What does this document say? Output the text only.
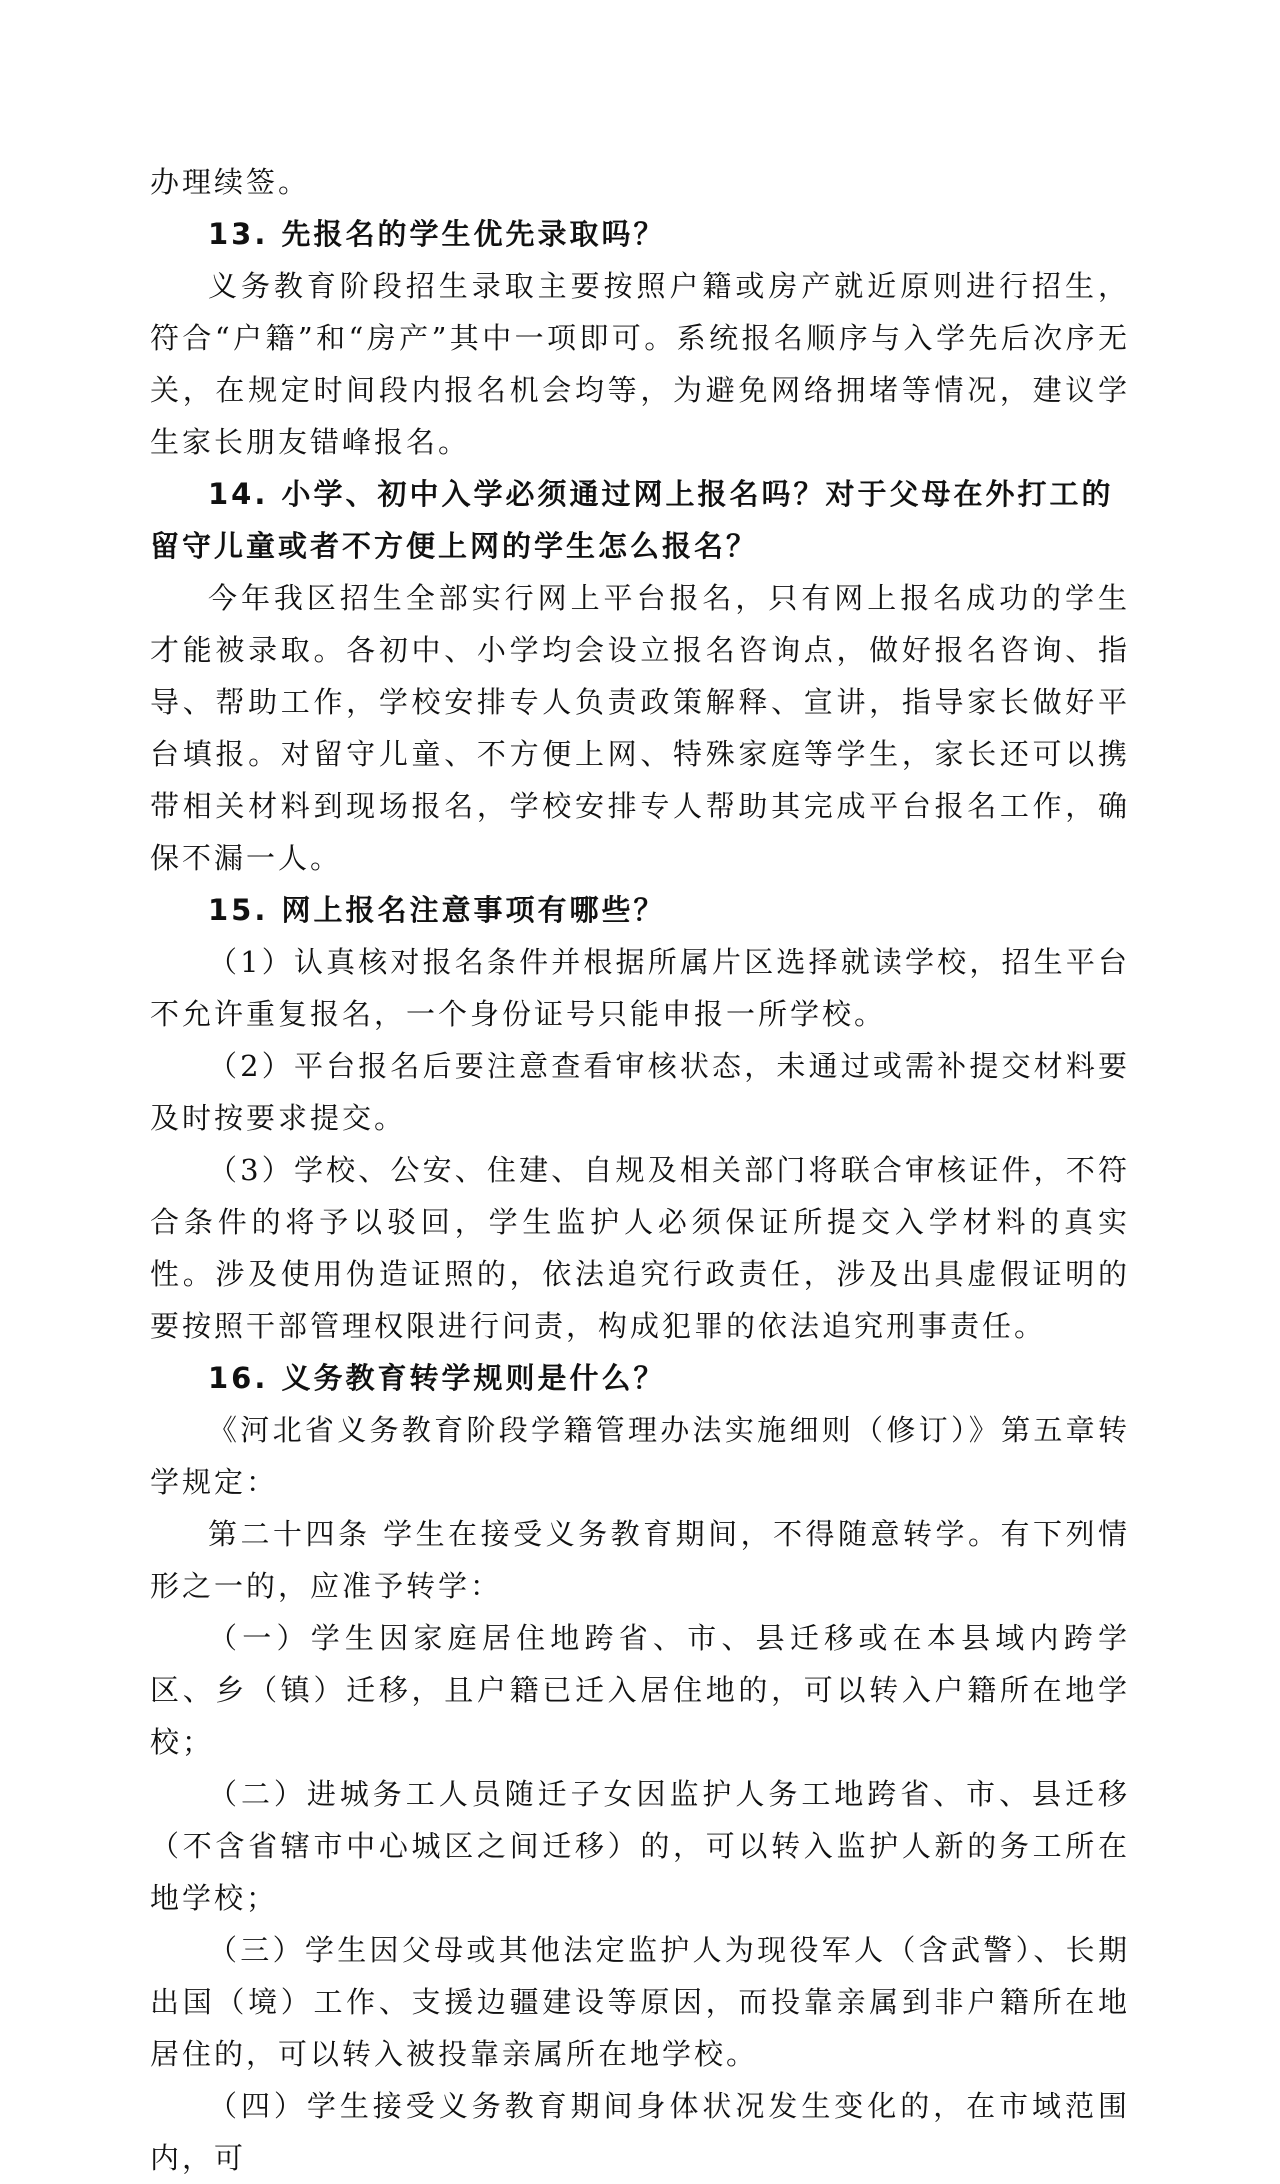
办理续签。

13. 先报名的学生优先录取吗？

义务教育阶段招生录取主要按照户籍或房产就近原则进行招生，符合“户籍”和“房产”其中一项即可。系统报名顺序与入学先后次序无关，在规定时间段内报名机会均等，为避免网络拥堵等情况，建议学生家长朋友错峰报名。

14. 小学、初中入学必须通过网上报名吗？对于父母在外打工的留守儿童或者不方便上网的学生怎么报名？

今年我区招生全部实行网上平台报名，只有网上报名成功的学生才能被录取。各初中、小学均会设立报名咨询点，做好报名咨询、指导、帮助工作，学校安排专人负责政策解释、宣讲，指导家长做好平台填报。对留守儿童、不方便上网、特殊家庭等学生，家长还可以携带相关材料到现场报名，学校安排专人帮助其完成平台报名工作，确保不漏一人。

15. 网上报名注意事项有哪些？

（1）认真核对报名条件并根据所属片区选择就读学校，招生平台不允许重复报名，一个身份证号只能申报一所学校。

（2）平台报名后要注意查看审核状态，未通过或需补提交材料要及时按要求提交。

（3）学校、公安、住建、自规及相关部门将联合审核证件，不符合条件的将予以驳回，学生监护人必须保证所提交入学材料的真实性。涉及使用伪造证照的，依法追究行政责任，涉及出具虚假证明的要按照干部管理权限进行问责，构成犯罪的依法追究刑事责任。

16. 义务教育转学规则是什么？

《河北省义务教育阶段学籍管理办法实施细则（修订）》第五章转学规定：

第二十四条 学生在接受义务教育期间，不得随意转学。有下列情形之一的，应准予转学：

（一）学生因家庭居住地跨省、市、县迁移或在本县域内跨学区、乡（镇）迁移，且户籍已迁入居住地的，可以转入户籍所在地学校；

（二）进城务工人员随迁子女因监护人务工地跨省、市、县迁移（不含省辖市中心城区之间迁移）的，可以转入监护人新的务工所在地学校；

（三）学生因父母或其他法定监护人为现役军人（含武警）、长期出国（境）工作、支援边疆建设等原因，而投靠亲属到非户籍所在地居住的，可以转入被投靠亲属所在地学校。

（四）学生接受义务教育期间身体状况发生变化的，在市域范围内，可
